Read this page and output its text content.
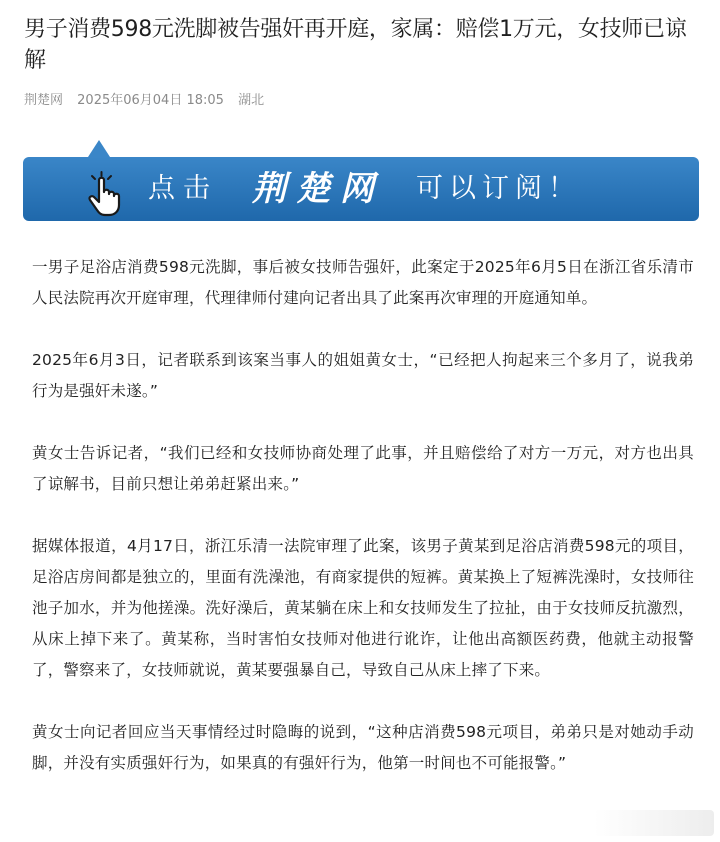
男子消费598元洗脚被告强奸再开庭，家属：赔偿1万元，女技师已谅解
荆楚网 2025年06月04日 18:05 湖北
点击 荆楚网 可以订阅！

一男子足浴店消费598元洗脚，事后被女技师告强奸，此案定于2025年6月5日在浙江省乐清市人民法院再次开庭审理，代理律师付建向记者出具了此案再次审理的开庭通知单。

2025年6月3日，记者联系到该案当事人的姐姐黄女士，“已经把人拘起来三个多月了，说我弟行为是强奸未遂。”

黄女士告诉记者，“我们已经和女技师协商处理了此事，并且赔偿给了对方一万元，对方也出具了谅解书，目前只想让弟弟赶紧出来。”

据媒体报道，4月17日，浙江乐清一法院审理了此案，该男子黄某到足浴店消费598元的项目，足浴店房间都是独立的，里面有洗澡池，有商家提供的短裤。黄某换上了短裤洗澡时，女技师往池子加水，并为他搓澡。洗好澡后，黄某躺在床上和女技师发生了拉扯，由于女技师反抗激烈，从床上掉下来了。黄某称，当时害怕女技师对他进行讹诈，让他出高额医药费，他就主动报警了，警察来了，女技师就说，黄某要强暴自己，导致自己从床上摔了下来。

黄女士向记者回应当天事情经过时隐晦的说到，“这种店消费598元项目，弟弟只是对她动手动脚，并没有实质强奸行为，如果真的有强奸行为，他第一时间也不可能报警。”
